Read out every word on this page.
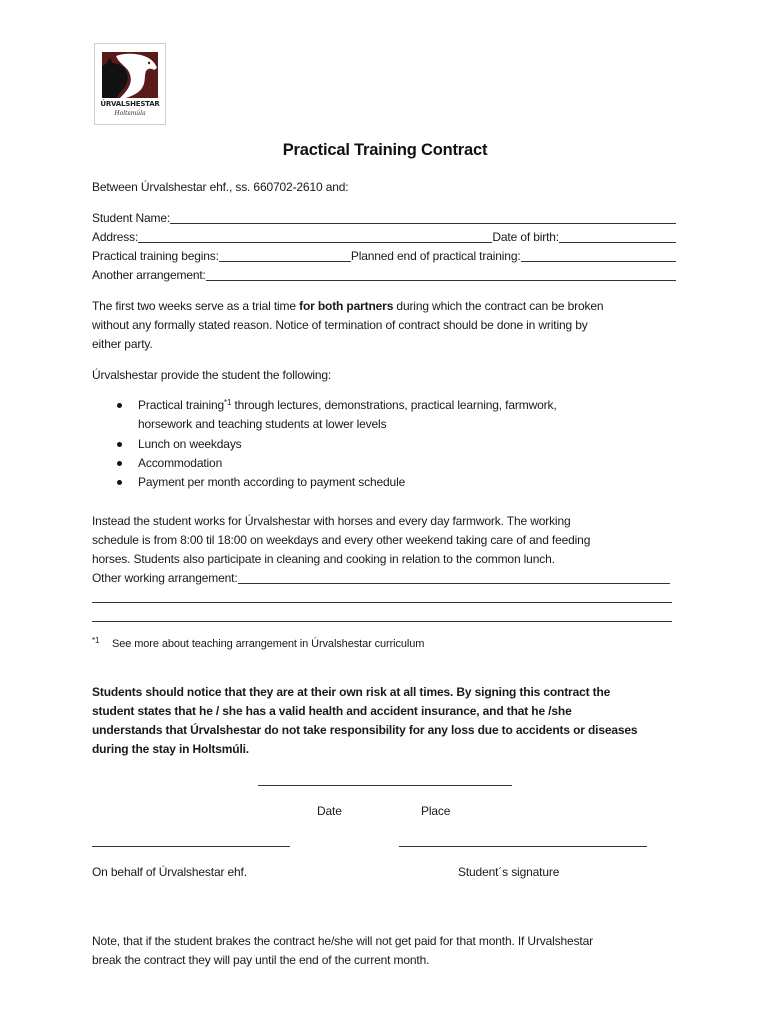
ÚRVALSHESTAR
Holtsmúla
Practical Training Contract
Between Úrvalshestar ehf., ss. 660702-2610 and:
Student Name:
Address:	Date of birth:
Practical training begins:	Planned end of practical training:
Another arrangement:

The first two weeks serve as a trial time for both partners during which the contract can be broken

without any formally stated reason. Notice of termination of contract should be done in writing by

either party.

Úrvalshestar provide the student the following:
Practical training$^{*1}$ through lectures, demonstrations, practical learning, farmwork,
horsework and teaching students at lower levels
Lunch on weekdays
Accommodation
Payment per month according to payment schedule

Instead the student works for Úrvalshestar with horses and every day farmwork. The working

schedule is from 8:00 til 18:00 on weekdays and every other weekend taking care of and feeding

horses. Students also participate in cleaning and cooking in relation to the common lunch.

Other working arrangement:
$^{*1}$ See more about teaching arrangement in Úrvalshestar curriculum

Students should notice that they are at their own risk at all times. By signing this contract the

student states that he / she has a valid health and accident insurance, and that he /she

understands that Úrvalshestar do not take responsibility for any loss due to accidents or diseases

during the stay in Holtsmúli.

Date	Place
On behalf of Úrvalshestar ehf.	Student´s signature

Note, that if the student brakes the contract he/she will not get paid for that month. If Urvalshestar

break the contract they will pay until the end of the current month.
